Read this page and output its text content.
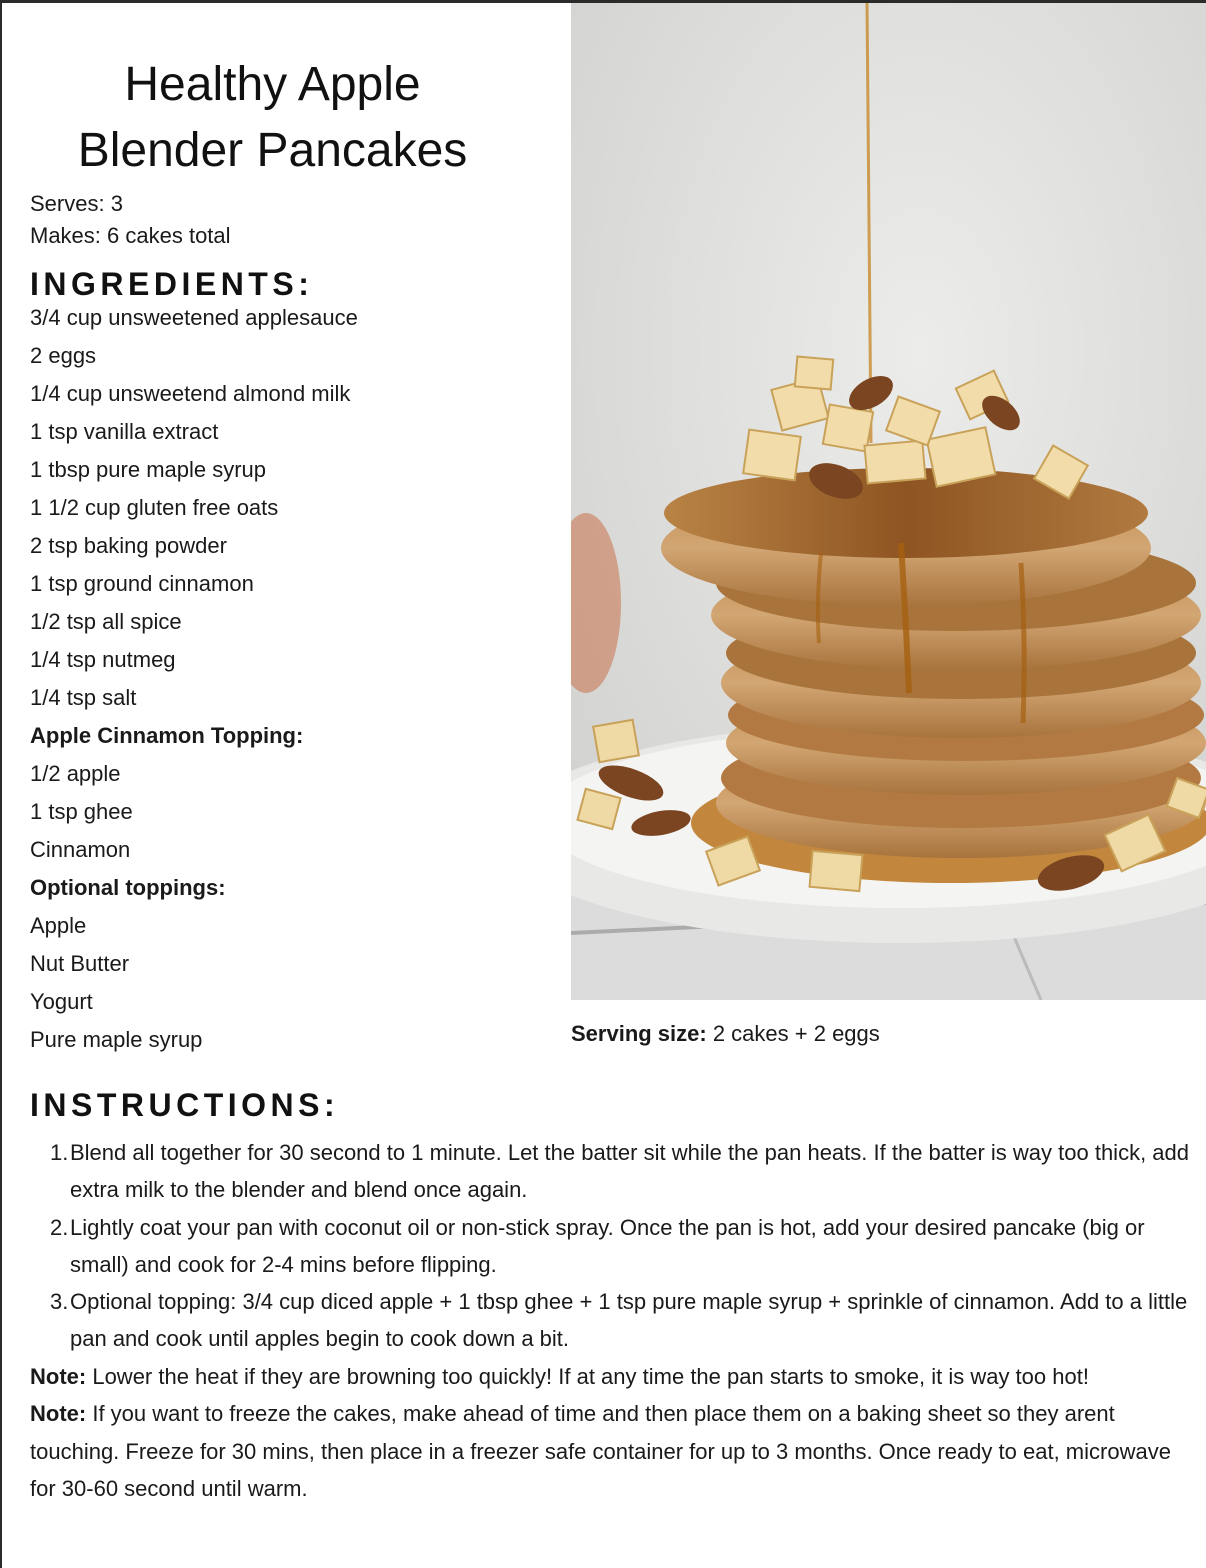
Healthy Apple
Blender Pancakes
Serves: 3
Makes: 6 cakes total
INGREDIENTS:
3/4 cup unsweetened applesauce
2 eggs
1/4 cup unsweetend almond milk
1 tsp vanilla extract
1 tbsp pure maple syrup
1 1/2 cup gluten free oats
2 tsp baking powder
1 tsp ground cinnamon
1/2 tsp all spice
1/4 tsp nutmeg
1/4 tsp salt
Apple Cinnamon Topping:
1/2 apple
1 tsp ghee
Cinnamon
Optional toppings:
Apple
Nut Butter
Yogurt
Pure maple syrup	Serving size: 2 cakes + 2 eggs
INSTRUCTIONS:
1. Blend all together for 30 second to 1 minute. Let the batter sit while the pan heats. If the batter is way too thick, add extra milk to the blender and blend once again.
2. Lightly coat your pan with coconut oil or non-stick spray. Once the pan is hot, add your desired pancake (big or small) and cook for 2-4 mins before flipping.
3. Optional topping: 3/4 cup diced apple + 1 tbsp ghee + 1 tsp pure maple syrup + sprinkle of cinnamon. Add to a little pan and cook until apples begin to cook down a bit.

Note: Lower the heat if they are browning too quickly! If at any time the pan starts to smoke, it is way too hot!

Note: If you want to freeze the cakes, make ahead of time and then place them on a baking sheet so they arent touching. Freeze for 30 mins, then place in a freezer safe container for up to 3 months. Once ready to eat, microwave for 30-60 second until warm.
